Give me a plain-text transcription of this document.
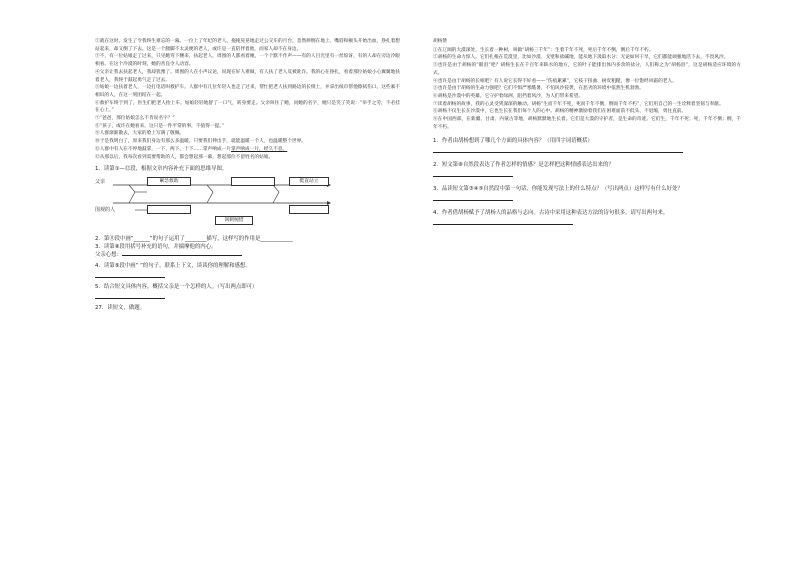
②就在这时，发生了令我终生难忘的一幕。一位上了年纪的老人，拖拖晃晃地走过公交车的月台，忽然摔倒在地上。嘴唇和额头开始出血，挣扎着想站起来，却又倒了下去。这是一个腿脚不太灵便的老人，或许是一直陪伴着他，而家人却不在身边。

③不，有一位姑娘走了过来，只见她弯下腰来，扶起老人，周围的人都看着她，一个个默不作声——有的人目光里有一丝惊讶，有的人却在旁边冷眼相看。在这个冷漠的时刻，她的善良令人动容。

④父亲让我去扶起老人，我却犹豫了。周围的人在小声议论，说现在好人难做，有人扶了老人反被讹诈。我的心在挣扎，看着那位姑娘小心翼翼地扶着老人，我终于鼓起勇气走了过去。

⑤姑娘一边扶着老人，一边打电话叫救护车。人群中有几位年轻人也走了过来，帮忙把老人扶到路边的长椅上，并拿出纸巾帮他擦拭伤口。这些素不相识的人，在这一刻团结在一起。

⑥救护车终于到了，医生们把老人抬上车。姑娘轻轻地舒了一口气，转身要走。父亲叫住了她，问她的名字，她只是笑了笑说：“举手之劳，不必挂在心上。”

⑦“爸爸，那位姑娘怎么不肯说名字？”

⑧“孩子，或许在她看来，这只是一件平常的事，不值得一提。”

⑨人群渐渐散去，大家的脸上写满了敬佩。

⑩于是我明白了，原来我们身边有那么多温暖。只要我们伸出手，就能温暖一个人，也温暖整个世界。

⑪人群中有人在不停地鼓掌，一下，两下，十下……掌声响成一片掌声响成一片，经久不息。

⑫从那以后，我每次看到需要帮助的人，都会想起那一幕，想起那位不留姓名的姑娘。

1．读第①—⑫段，根据文章内容补充下面的思维导图。

父亲
围观的人
紧急救助	挺直站立
讽刺惋惜

2．第⑪段中画“______”的句子运用了________描写，这样写的作用是____________

3．读第⑧段用括号补充的语句，并揣摩他的内心。

父亲心想：

4．读第⑨段中画“ ”的句子，联系上下文，谈谈你的理解和感想。

5．结合短文具体内容，概括父亲是一个怎样的人。（写出两点即可）

27．读短文，做题。

胡杨赞

①在辽阔的大漠深处，生长着一种树，叫做“胡杨三千年”：生着千年不死，死后千年不倒，倒后千年不朽。

②胡杨的生命力惊人。它们扎根在荒漠里，比如沙漠、戈壁和盐碱地，能从地下汲取水分；无论如何干旱，它们都能顽强地活下去，不畏风沙。

③也许是由于胡杨的“眼泪”吧？胡杨生长在千百年来缺水的地方，它的叶子能排出体内多余的盐分，人们称之为“胡杨泪”，这是胡杨适应环境的方式。

④也许是由于胡杨的长相吧？有人说它长得不好看——“伤痕累累”，它枝干扭曲、树皮粗糙，像一位饱经风霜的老人。

⑤也许是由于胡杨的生命力强吧？它们不惧严寒酷暑，不怕风沙侵袭，在恶劣的环境中依然生机勃勃。

⑥胡杨是沙漠中的英雄。它守护着绿洲，阻挡着风沙，为人们带来希望。

⑦读着胡杨的故事，我的心灵受到深深的触动。胡杨“生而千年不死，死而千年不倒，倒而千年不朽”，它们用自己的一生诠释着坚韧与奉献。

⑧胡杨不仅生长在沙漠中，它也生长在我们每个人的心中。胡杨的精神激励着我们在困难面前不低头、不退缩，勇往直前。

⑨在中国西部，在新疆、甘肃、内蒙古等地，胡杨默默地生长着。它们是大漠的守护者，是生命的奇迹。它们生，千年不死；死，千年不倒；倒，千年不朽。

1．作者由胡杨想到了哪几个方面的具体内容？（用四字词语概括）

2．短文第⑧自然段表达了作者怎样的情感？是怎样把这种情感表达出来的？

3．品读短文第③④⑤自然段中第一句话，你能发现写法上的什么特点？（写出两点）这样写有什么好处？

4．作者借胡杨赋予了胡杨人的品格与志向。古诗中采用这种表达方法的诗句很多，请写出两句来。
